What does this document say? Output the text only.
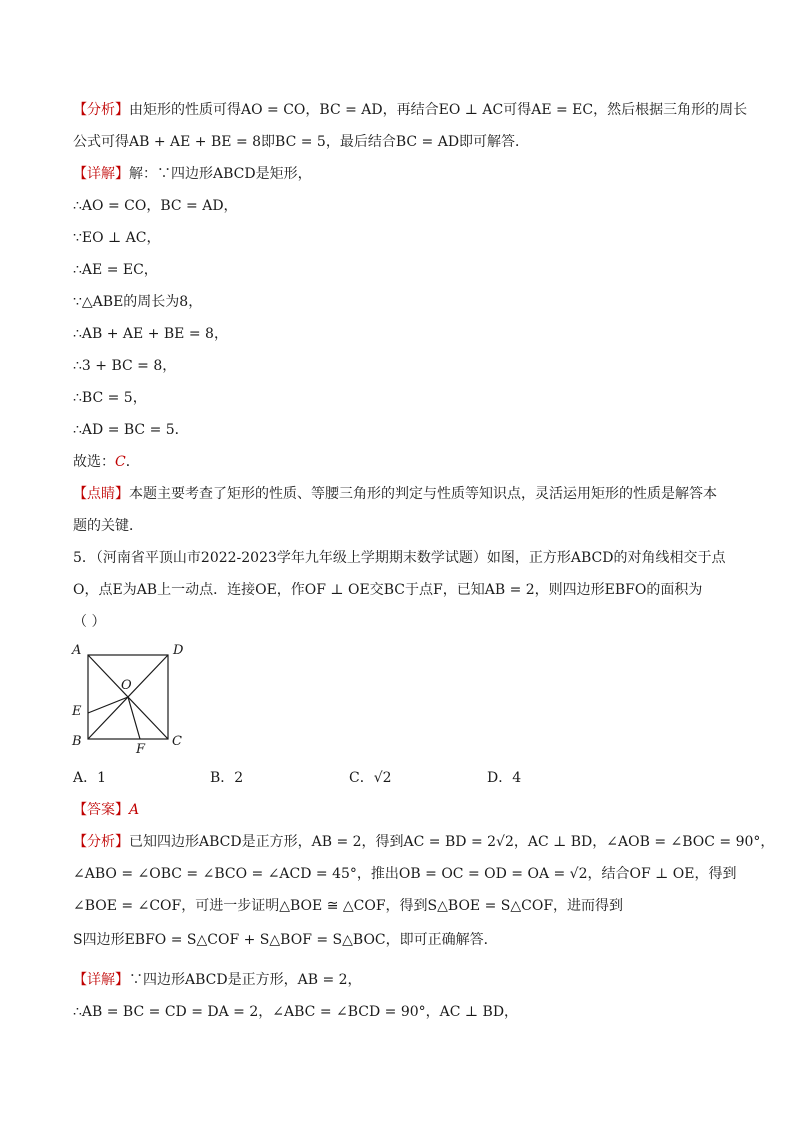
【分析】由矩形的性质可得AO = CO，BC = AD，再结合EO ⊥ AC可得AE = EC，然后根据三角形的周长
公式可得AB + AE + BE = 8即BC = 5，最后结合BC = AD即可解答．
【详解】解：∵四边形ABCD是矩形，
∴AO = CO，BC = AD，
∵EO ⊥ AC，
∴AE = EC，
∵△ABE的周长为8，
∴AB + AE + BE = 8，
∴3 + BC = 8，
∴BC = 5，
∴AD = BC = 5．
故选：C．
【点睛】本题主要考查了矩形的性质、等腰三角形的判定与性质等知识点，灵活运用矩形的性质是解答本
题的关键．
5．（河南省平顶山市2022-2023学年九年级上学期期末数学试题）如图，正方形ABCD的对角线相交于点
O，点E为AB上一动点．连接OE，作OF ⊥ OE交BC于点F，已知AB = 2，则四边形EBFO的面积为
（ ）
A	D
O
E
B
F
C
A．1	B．2	C．√2	D．4
【答案】A
【分析】已知四边形ABCD是正方形，AB = 2，得到AC = BD = 2√2，AC ⊥ BD，∠AOB = ∠BOC = 90°，
∠ABO = ∠OBC = ∠BCO = ∠ACD = 45°，推出OB = OC = OD = OA = √2，结合OF ⊥ OE，得到
∠BOE = ∠COF，可进一步证明△BOE ≅ △COF，得到S△BOE = S△COF，进而得到
S四边形EBFO = S△COF + S△BOF = S△BOC，即可正确解答．
【详解】∵四边形ABCD是正方形，AB = 2，
∴AB = BC = CD = DA = 2，∠ABC = ∠BCD = 90°，AC ⊥ BD，
